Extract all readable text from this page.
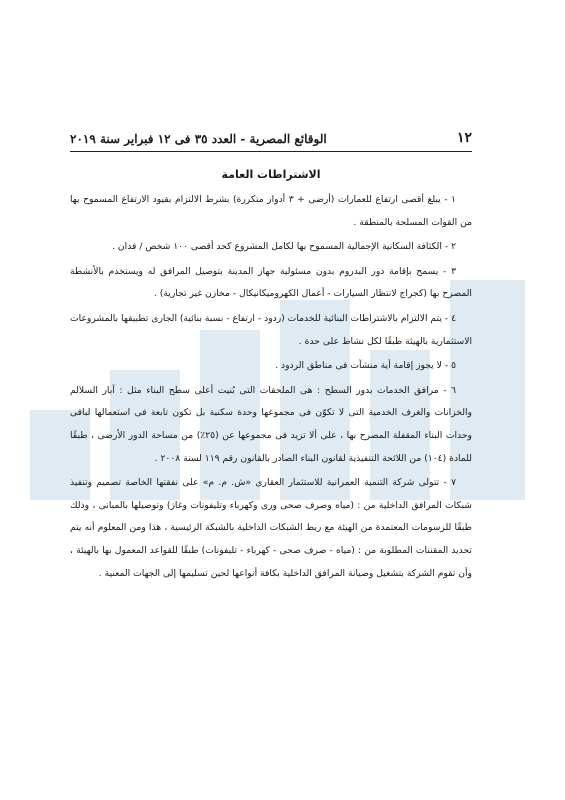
١٢
الوقائع المصرية - العدد ٣٥ فى ١٢ فبراير سنة ٢٠١٩
الاشتراطات العامة

١ - يبلغ أقصى ارتفاع للعمارات (أرضى + ٣ أدوار متكررة) بشرط الالتزام بقيود الارتفاع المسموح بها من القوات المسلحة بالمنطقة .

٢ - الكثافة السكانية الإجمالية المسموح بها لكامل المشروع كحد أقصى ١٠٠ شخص / فدان .

٣ - يسمح بإقامة دور البدروم بدون مسئولية جهاز المدينة بتوصيل المرافق له ويستخدم بالأنشطة المصرح بها (كجراج لانتظار السيارات - أعمال الكهروميكانيكال - مخازن غير تجارية) .

٤ - يتم الالتزام بالاشتراطات البنائية للخدمات (ردود - ارتفاع - نسبة بنائية) الجارى تطبيقها بالمشروعات الاستثمارية بالهيئة طبقًا لكل نشاط على حدة .

٥ - لا يجوز إقامة أية منشآت فى مناطق الردود .

٦ - مرافق الخدمات بدور السطح : هى الملحقات التى بُنيت أعلى سطح البناء مثل : آبار السلالم والخزانات والغرف الخدمية التى لا تكوّن فى مجموعها وحدة سكنية بل تكون تابعة فى استعمالها لباقى وحدات البناء المقفلة المصرح بها ، على ألا تزيد فى مجموعها عن (٢٥٪) من مساحة الدور الأرضى ، طبقًا للمادة (١٠٤) من اللائحة التنفيذية لقانون البناء الصادر بالقانون رقم ١١٩ لسنة ٢٠٠٨ .

٧ - تتولى شركة التنمية العمرانية للاستثمار العقارى «ش. م. م» على نفقتها الخاصة تصميم وتنفيذ شبكات المرافق الداخلية من : (مياه وصرف صحى ورى وكهرباء وتليفونات وغاز) وتوصيلها بالمبانى ، وذلك طبقًا للرسومات المعتمدة من الهيئة مع ربط الشبكات الداخلية بالشبكة الرئيسية ، هذا ومن المعلوم أنه يتم تحديد المقننات المطلوبة من : (مياه - صرف صحى - كهرباء - تليفونات) طبقًا للقواعد المعمول بها بالهيئة ، وأن تقوم الشركة بتشغيل وصيانة المرافق الداخلية بكافة أنواعها لحين تسليمها إلى الجهات المعنية .
